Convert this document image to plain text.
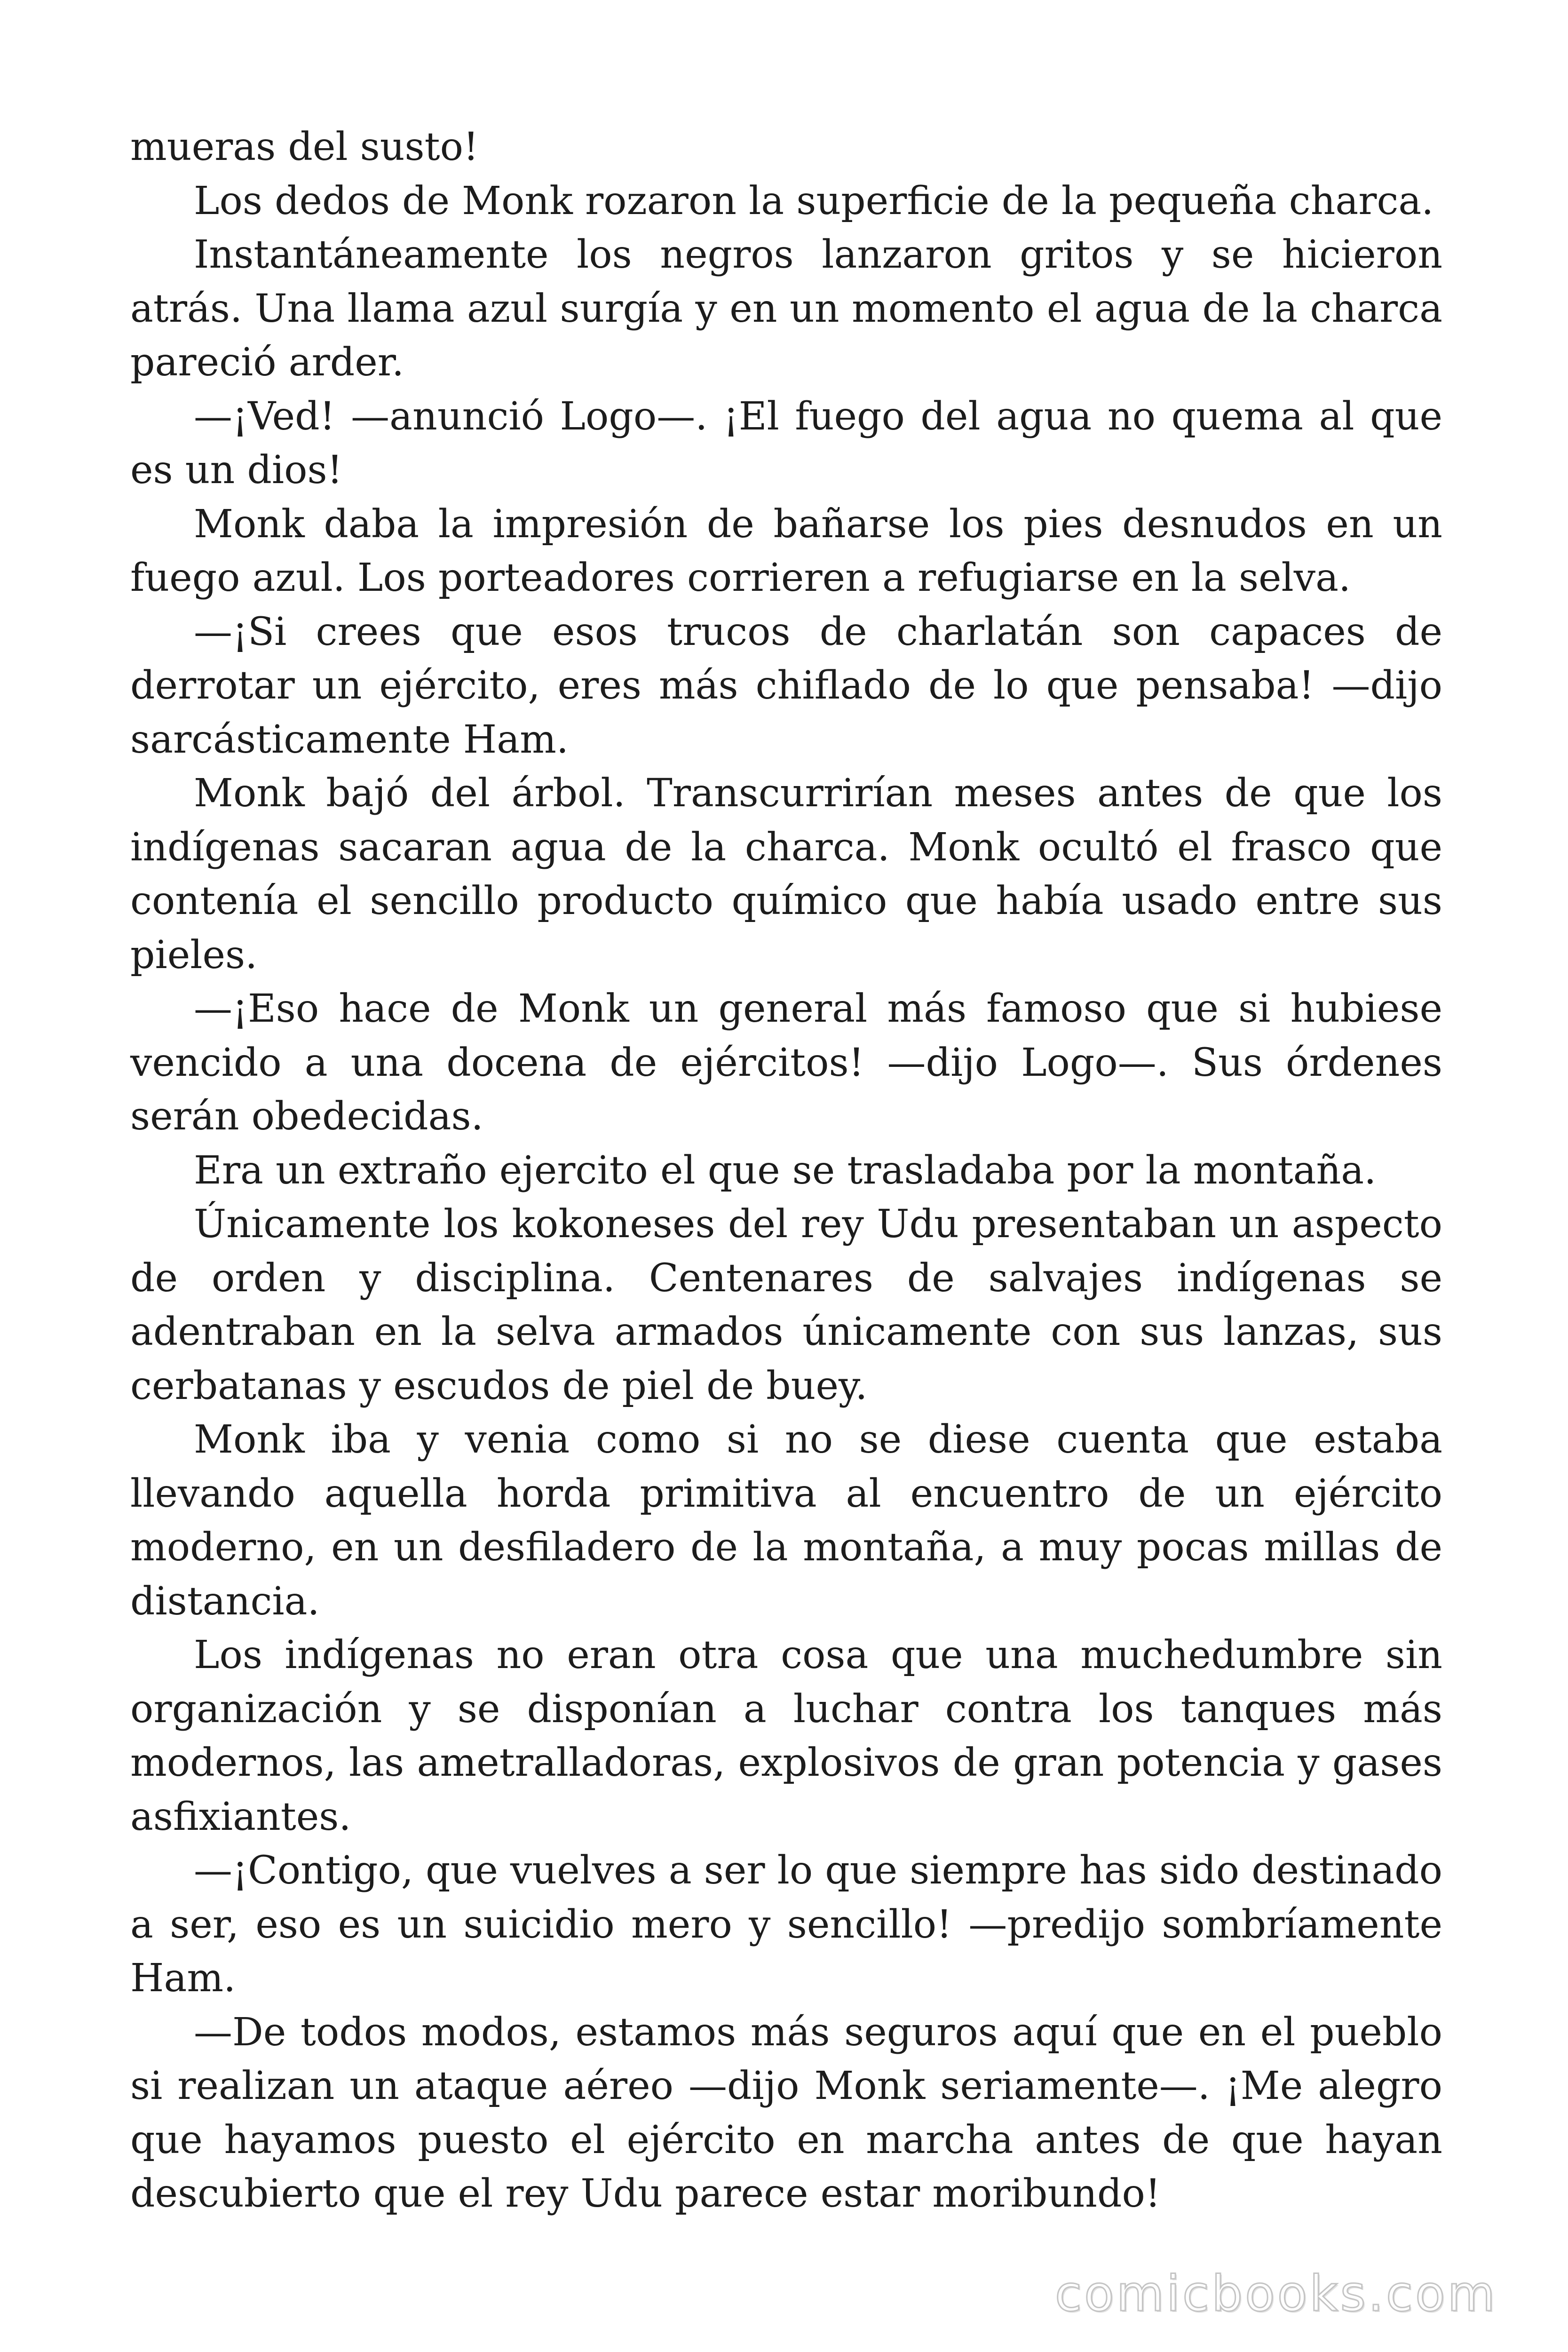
mueras del susto!

Los dedos de Monk rozaron la superficie de la pequeña charca.

Instantáneamente los negros lanzaron gritos y se hicieron atrás. Una llama azul surgía y en un momento el agua de la charca pareció arder.

—¡Ved! —anunció Logo—. ¡El fuego del agua no quema al que es un dios!

Monk daba la impresión de bañarse los pies desnudos en un fuego azul. Los porteadores corrieren a refugiarse en la selva.

—¡Si crees que esos trucos de charlatán son capaces de derrotar un ejército, eres más chiflado de lo que pensaba! —dijo sarcásticamente Ham.

Monk bajó del árbol. Transcurrirían meses antes de que los indígenas sacaran agua de la charca. Monk ocultó el frasco que contenía el sencillo producto químico que había usado entre sus pieles.

—¡Eso hace de Monk un general más famoso que si hubiese vencido a una docena de ejércitos! —dijo Logo—. Sus órdenes serán obedecidas.

Era un extraño ejercito el que se trasladaba por la montaña.

Únicamente los kokoneses del rey Udu presentaban un aspecto de orden y disciplina. Centenares de salvajes indígenas se adentraban en la selva armados únicamente con sus lanzas, sus cerbatanas y escudos de piel de buey.

Monk iba y venia como si no se diese cuenta que estaba llevando aquella horda primitiva al encuentro de un ejército moderno, en un desfiladero de la montaña, a muy pocas millas de distancia.

Los indígenas no eran otra cosa que una muchedumbre sin organización y se disponían a luchar contra los tanques más modernos, las ametralladoras, explosivos de gran potencia y gases asfixiantes.

—¡Contigo, que vuelves a ser lo que siempre has sido destinado a ser, eso es un suicidio mero y sencillo! —predijo sombríamente Ham.

—De todos modos, estamos más seguros aquí que en el pueblo si realizan un ataque aéreo —dijo Monk seriamente—. ¡Me alegro que hayamos puesto el ejército en marcha antes de que hayan descubierto que el rey Udu parece estar moribundo!

comicbooks.com
